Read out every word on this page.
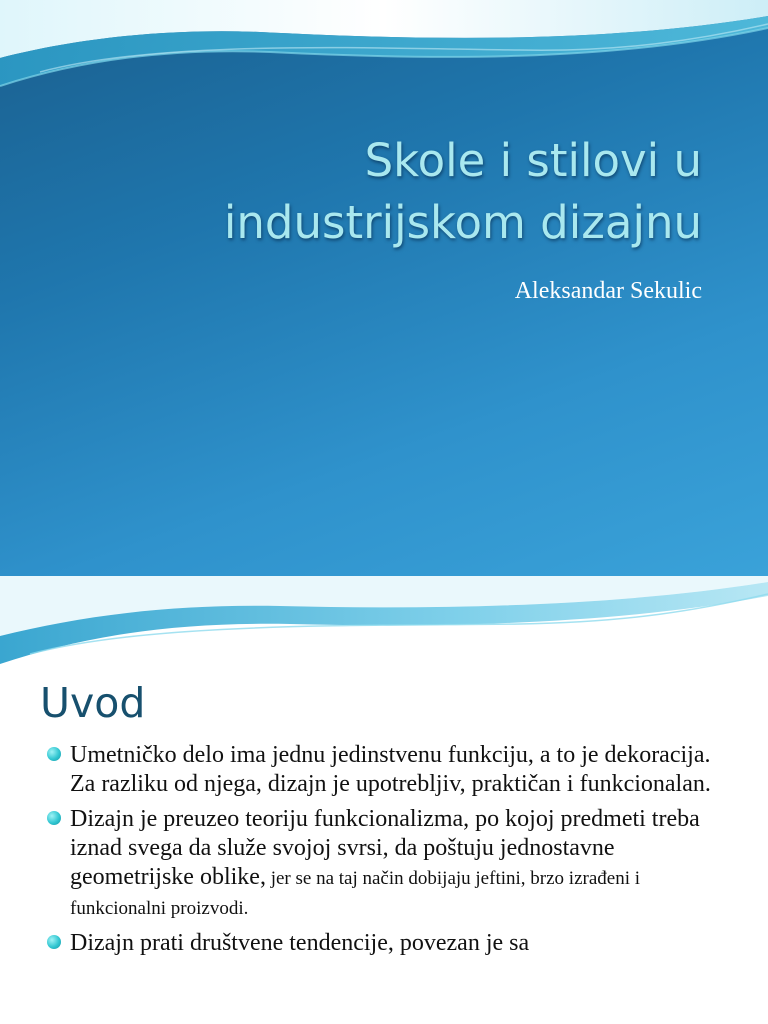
Skole i stilovi u
industrijskom dizajnu

Aleksandar Sekulic

Uvod
Umetničko delo ima jednu jedinstvenu funkciju, a to je dekoracija. Za razliku od njega, dizajn je upotrebljiv, praktičan i funkcionalan.
Dizajn je preuzeo teoriju funkcionalizma, po kojoj predmeti treba iznad svega da služe svojoj svrsi, da poštuju jednostavne geometrijske oblike, jer se na taj način dobijaju jeftini, brzo izrađeni i funkcionalni proizvodi.
Dizajn prati društvene tendencije, povezan je sa
